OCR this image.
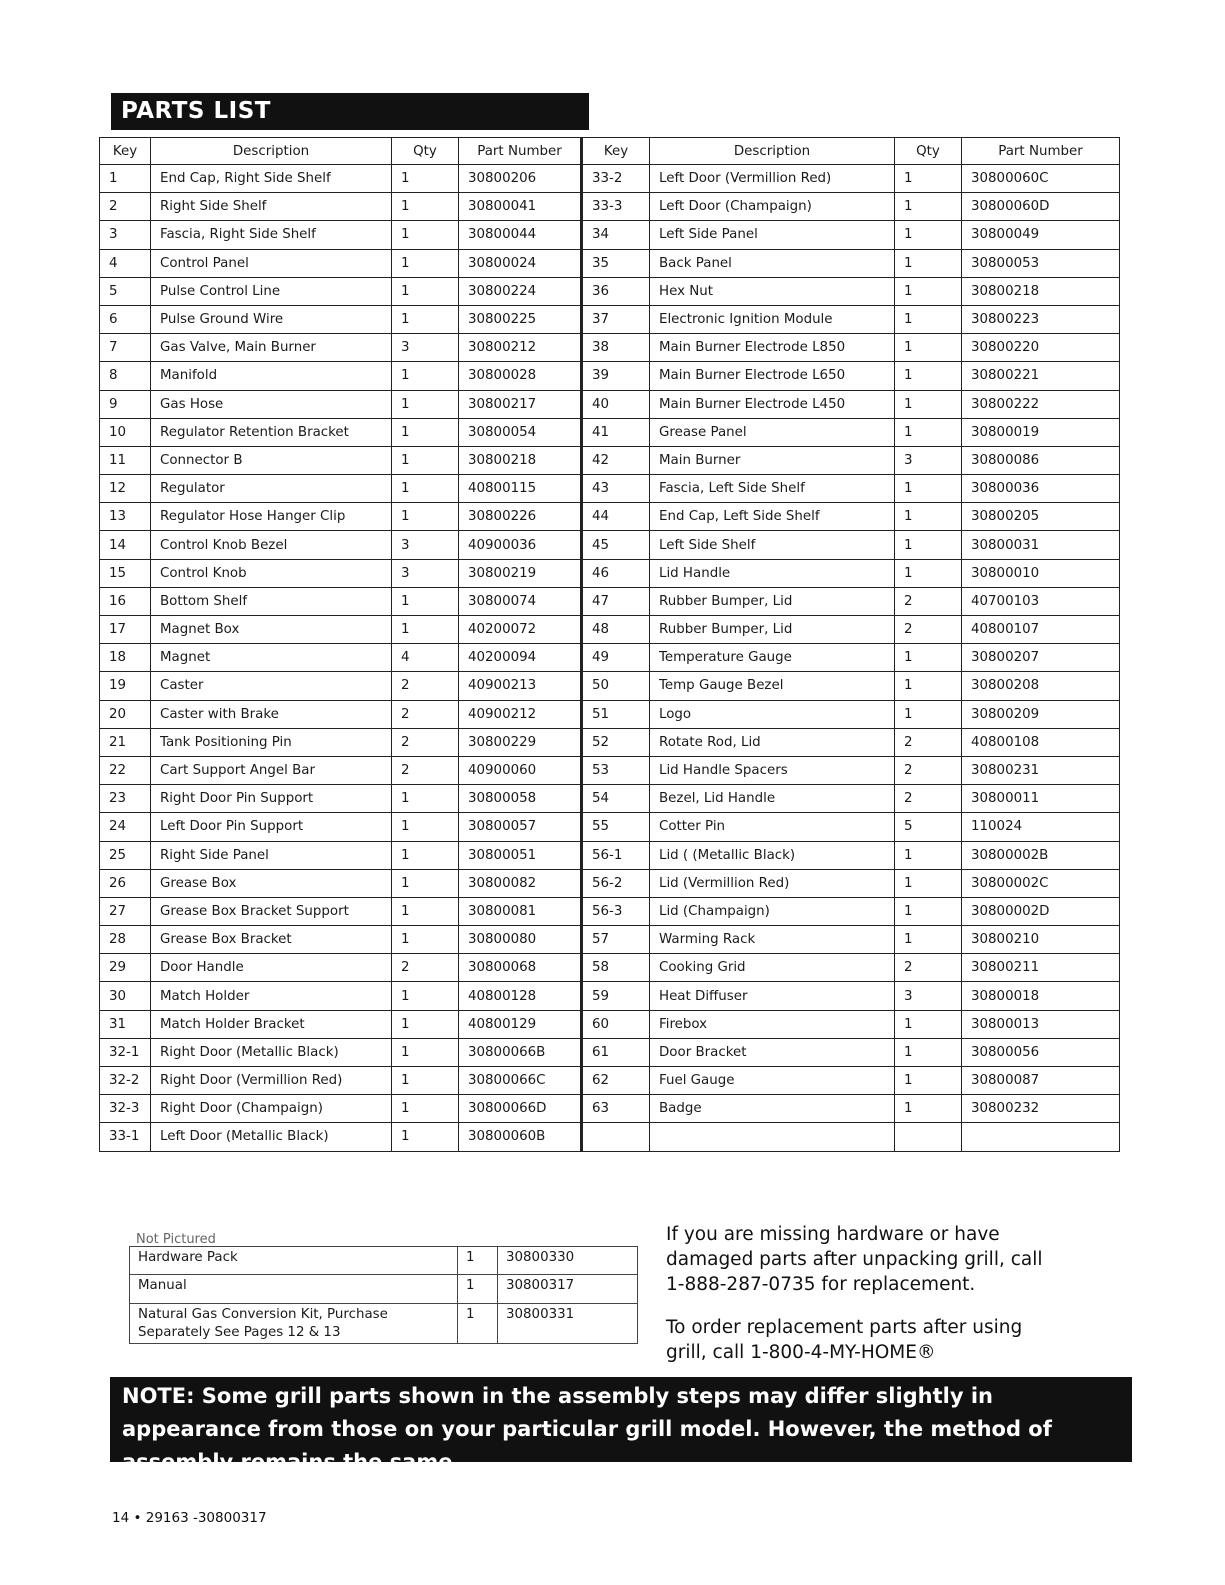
PARTS LIST
Key	Description	Qty	Part Number	Key	Description	Qty	Part Number
1	End Cap, Right Side Shelf	1	30800206	33-2	Left Door (Vermillion Red)	1	30800060C
2	Right Side Shelf	1	30800041	33-3	Left Door (Champaign)	1	30800060D
3	Fascia, Right Side Shelf	1	30800044	34	Left Side Panel	1	30800049
4	Control Panel	1	30800024	35	Back Panel	1	30800053
5	Pulse Control Line	1	30800224	36	Hex Nut	1	30800218
6	Pulse Ground Wire	1	30800225	37	Electronic Ignition Module	1	30800223
7	Gas Valve, Main Burner	3	30800212	38	Main Burner Electrode L850	1	30800220
8	Manifold	1	30800028	39	Main Burner Electrode L650	1	30800221
9	Gas Hose	1	30800217	40	Main Burner Electrode L450	1	30800222
10	Regulator Retention Bracket	1	30800054	41	Grease Panel	1	30800019
11	Connector B	1	30800218	42	Main Burner	3	30800086
12	Regulator	1	40800115	43	Fascia, Left Side Shelf	1	30800036
13	Regulator Hose Hanger Clip	1	30800226	44	End Cap, Left Side Shelf	1	30800205
14	Control Knob Bezel	3	40900036	45	Left Side Shelf	1	30800031
15	Control Knob	3	30800219	46	Lid Handle	1	30800010
16	Bottom Shelf	1	30800074	47	Rubber Bumper, Lid	2	40700103
17	Magnet Box	1	40200072	48	Rubber Bumper, Lid	2	40800107
18	Magnet	4	40200094	49	Temperature Gauge	1	30800207
19	Caster	2	40900213	50	Temp Gauge Bezel	1	30800208
20	Caster with Brake	2	40900212	51	Logo	1	30800209
21	Tank Positioning Pin	2	30800229	52	Rotate Rod, Lid	2	40800108
22	Cart Support Angel Bar	2	40900060	53	Lid Handle Spacers	2	30800231
23	Right Door Pin Support	1	30800058	54	Bezel, Lid Handle	2	30800011
24	Left Door Pin Support	1	30800057	55	Cotter Pin	5	110024
25	Right Side Panel	1	30800051	56-1	Lid ( (Metallic Black)	1	30800002B
26	Grease Box	1	30800082	56-2	Lid (Vermillion Red)	1	30800002C
27	Grease Box Bracket Support	1	30800081	56-3	Lid (Champaign)	1	30800002D
28	Grease Box Bracket	1	30800080	57	Warming Rack	1	30800210
29	Door Handle	2	30800068	58	Cooking Grid	2	30800211
30	Match Holder	1	40800128	59	Heat Diffuser	3	30800018
31	Match Holder Bracket	1	40800129	60	Firebox	1	30800013
32-1	Right Door (Metallic Black)	1	30800066B	61	Door Bracket	1	30800056
32-2	Right Door (Vermillion Red)	1	30800066C	62	Fuel Gauge	1	30800087
32-3	Right Door (Champaign)	1	30800066D	63	Badge	1	30800232
33-1	Left Door (Metallic Black)	1	30800060B				
Not Pictured
Hardware Pack	1	30800330
Manual	1	30800317
Natural Gas Conversion Kit, Purchase Separately See Pages 12 & 13	1	30800331

If you are missing hardware or have damaged parts after unpacking grill, call 1-888-287-0735 for replacement.

To order replacement parts after using grill, call 1-800-4-MY-HOME®

NOTE: Some grill parts shown in the assembly steps may differ slightly in appearance from those on your particular grill model. However, the method of assembly remains the same.
14 • 29163 -30800317
